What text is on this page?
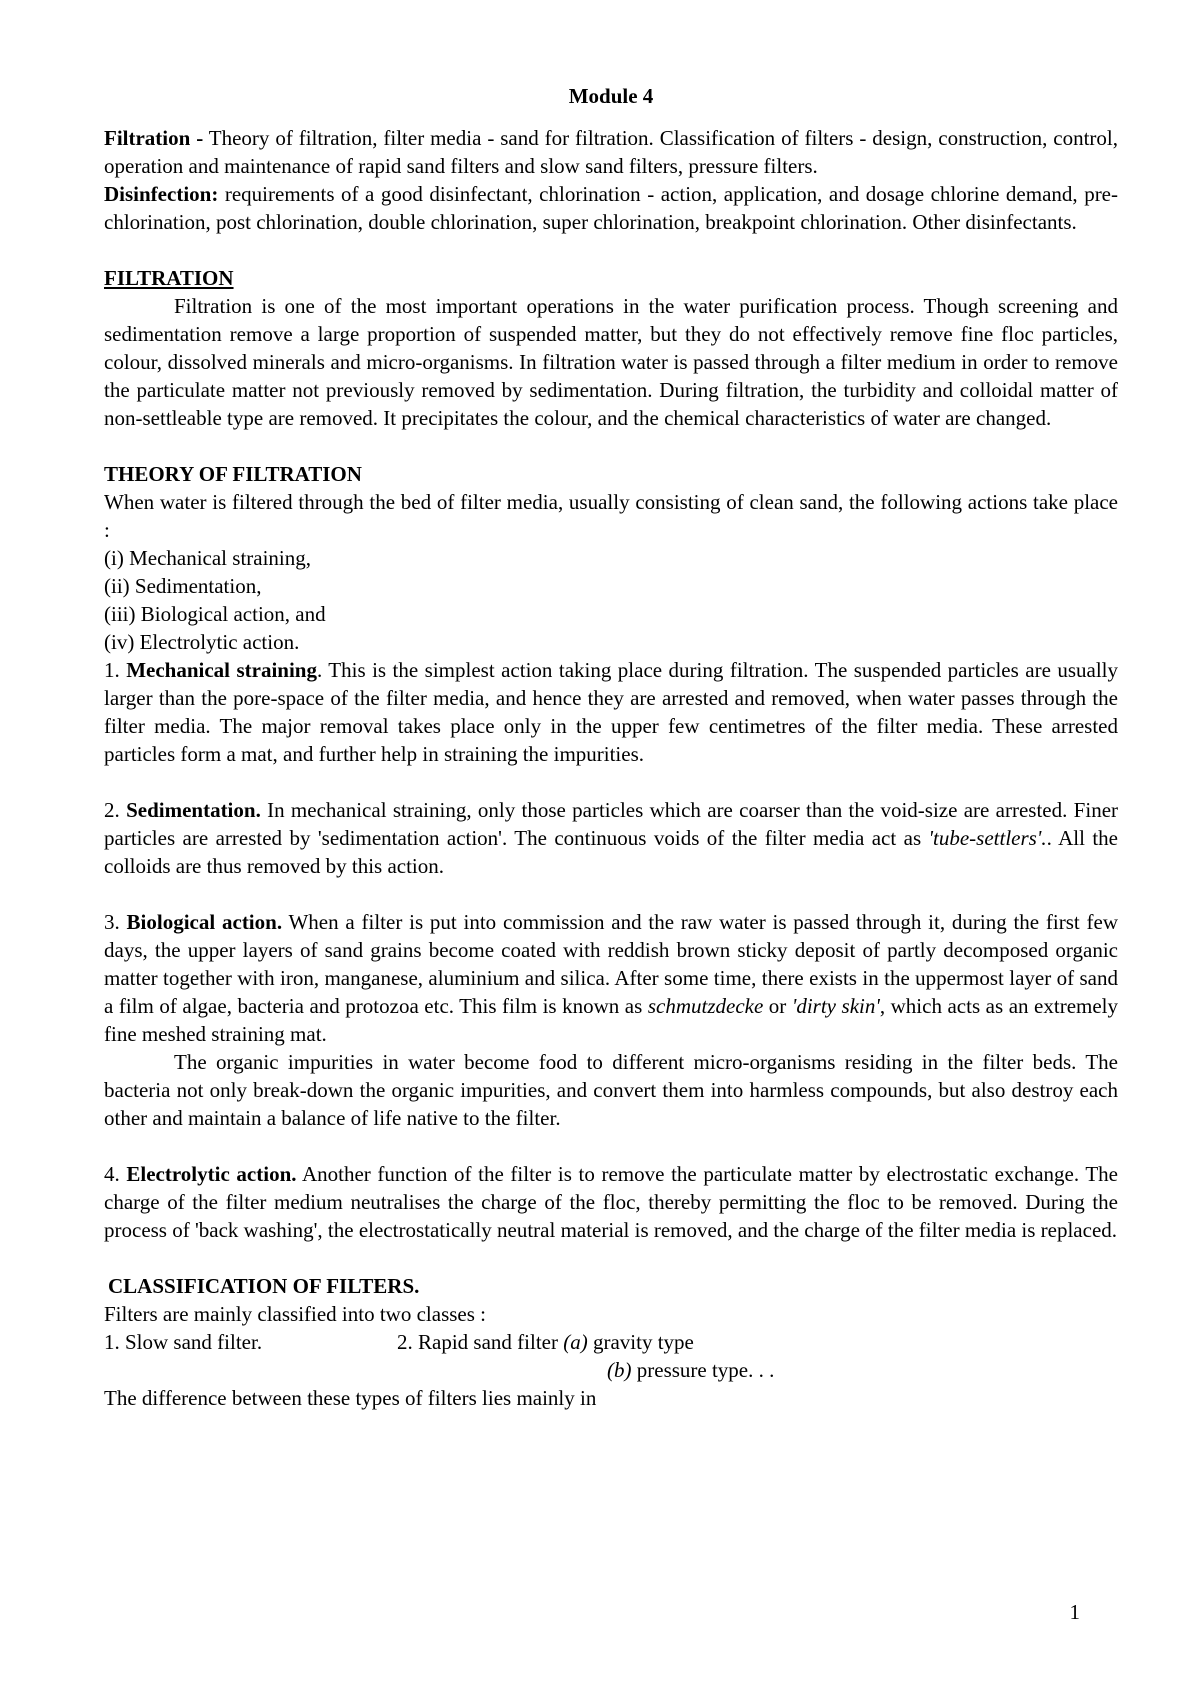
Module 4

Filtration - Theory of filtration, filter media - sand for filtration. Classification of filters - design, construction, control, operation and maintenance of rapid sand filters and slow sand filters, pressure filters.

Disinfection: requirements of a good disinfectant, chlorination - action, application, and dosage chlorine demand, pre-chlorination, post chlorination, double chlorination, super chlorination, breakpoint chlorination. Other disinfectants.

FILTRATION

Filtration is one of the most important operations in the water purification process. Though screening and sedimentation remove a large proportion of suspended matter, but they do not effectively remove fine floc particles, colour, dissolved minerals and micro-organisms. In filtration water is passed through a filter medium in order to remove the particulate matter not previously removed by sedimentation. During filtration, the turbidity and colloidal matter of non-settleable type are removed. It precipitates the colour, and the chemical characteristics of water are changed.

THEORY OF FILTRATION

When water is filtered through the bed of filter media, usually consisting of clean sand, the following actions take place :

(i) Mechanical straining,

(ii) Sedimentation,

(iii) Biological action, and

(iv) Electrolytic action.

1. Mechanical straining. This is the simplest action taking place during filtration. The suspended particles are usually larger than the pore-space of the filter media, and hence they are arrested and removed, when water passes through the filter media. The major removal takes place only in the upper few centimetres of the filter media. These arrested particles form a mat, and further help in straining the impurities.

2. Sedimentation. In mechanical straining, only those particles which are coarser than the void-size are arrested. Finer particles are arrested by 'sedimentation action'. The continuous voids of the filter media act as 'tube-settlers'.. All the colloids are thus removed by this action.

3. Biological action. When a filter is put into commission and the raw water is passed through it, during the first few days, the upper layers of sand grains become coated with reddish brown sticky deposit of partly decomposed organic matter together with iron, manganese, aluminium and silica. After some time, there exists in the uppermost layer of sand a film of algae, bacteria and protozoa etc. This film is known as schmutzdecke or 'dirty skin', which acts as an extremely fine meshed straining mat.

The organic impurities in water become food to different micro-organisms residing in the filter beds. The bacteria not only break-down the organic impurities, and convert them into harmless compounds, but also destroy each other and maintain a balance of life native to the filter.

4. Electrolytic action. Another function of the filter is to remove the particulate matter by electrostatic exchange. The charge of the filter medium neutralises the charge of the floc, thereby permitting the floc to be removed. During the process of 'back washing', the electrostatically neutral material is removed, and the charge of the filter media is replaced.

CLASSIFICATION OF FILTERS.

Filters are mainly classified into two classes :

1. Slow sand filter.	2. Rapid sand filter (a) gravity type
(b) pressure type. . .

The difference between these types of filters lies mainly in

1
